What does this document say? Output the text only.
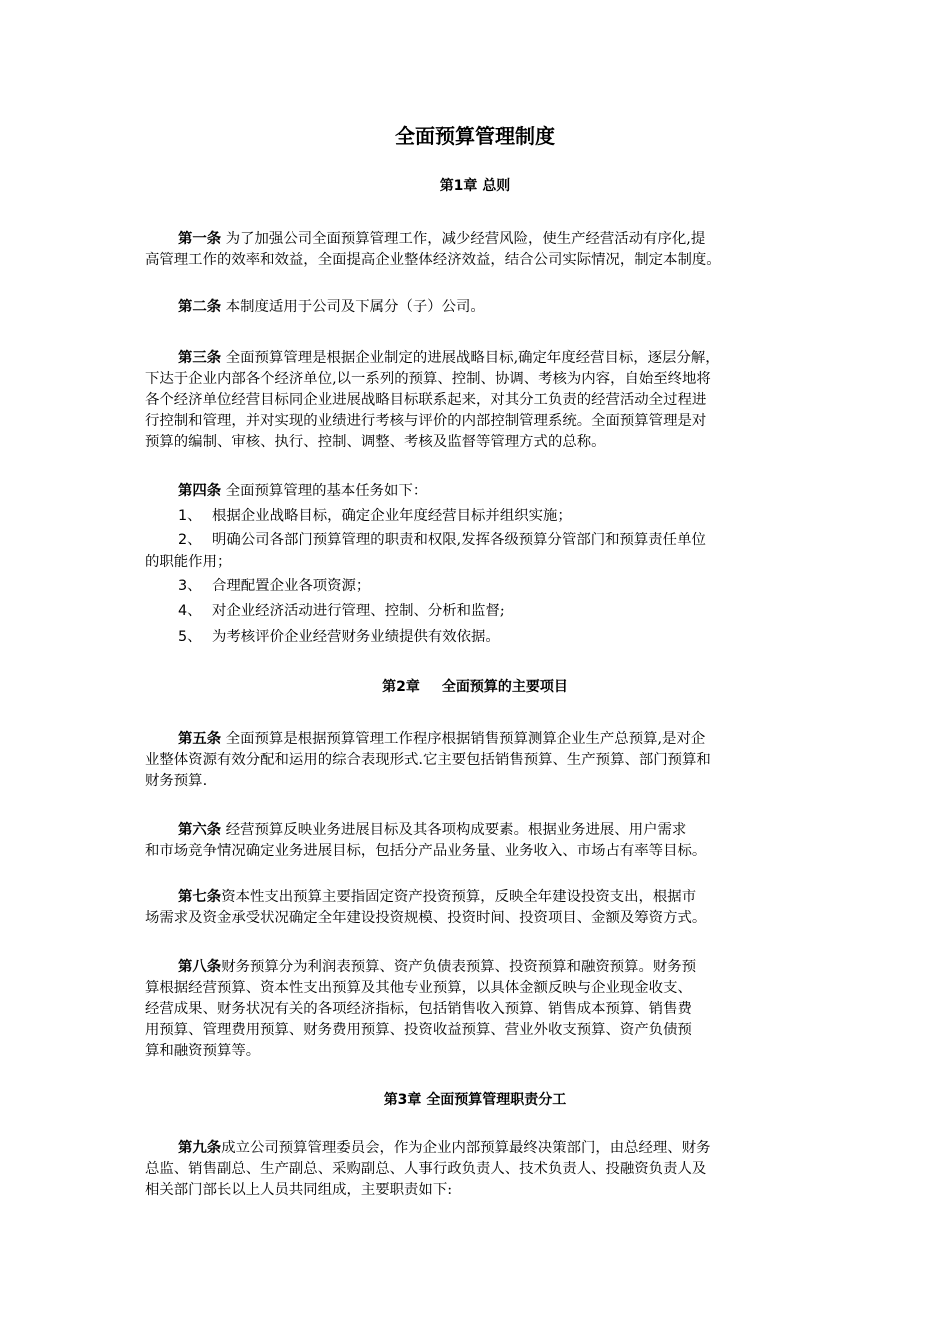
全面预算管理制度
第1章 总则
第一条 为了加强公司全面预算管理工作，减少经营风险，使生产经营活动有序化,提
高管理工作的效率和效益，全面提高企业整体经济效益，结合公司实际情况，制定本制度。
第二条 本制度适用于公司及下属分（子）公司。
第三条 全面预算管理是根据企业制定的进展战略目标,确定年度经营目标，逐层分解，
下达于企业内部各个经济单位,以一系列的预算、控制、协调、考核为内容，自始至终地将
各个经济单位经营目标同企业进展战略目标联系起来，对其分工负责的经营活动全过程进
行控制和管理，并对实现的业绩进行考核与评价的内部控制管理系统。全面预算管理是对
预算的编制、审核、执行、控制、调整、考核及监督等管理方式的总称。
第四条 全面预算管理的基本任务如下：
1、 根据企业战略目标，确定企业年度经营目标并组织实施；
2、 明确公司各部门预算管理的职责和权限,发挥各级预算分管部门和预算责任单位
的职能作用；
3、 合理配置企业各项资源；
4、 对企业经济活动进行管理、控制、分析和监督;
5、 为考核评价企业经营财务业绩提供有效依据。
第2章 全面预算的主要项目
第五条 全面预算是根据预算管理工作程序根据销售预算测算企业生产总预算,是对企
业整体资源有效分配和运用的综合表现形式.它主要包括销售预算、生产预算、部门预算和
财务预算.
第六条 经营预算反映业务进展目标及其各项构成要素。根据业务进展、用户需求
和市场竞争情况确定业务进展目标，包括分产品业务量、业务收入、市场占有率等目标。
第七条资本性支出预算主要指固定资产投资预算，反映全年建设投资支出，根据市
场需求及资金承受状况确定全年建设投资规模、投资时间、投资项目、金额及筹资方式。
第八条财务预算分为利润表预算、资产负债表预算、投资预算和融资预算。财务预
算根据经营预算、资本性支出预算及其他专业预算，以具体金额反映与企业现金收支、
经营成果、财务状况有关的各项经济指标，包括销售收入预算、销售成本预算、销售费
用预算、管理费用预算、财务费用预算、投资收益预算、营业外收支预算、资产负债预
算和融资预算等。
第3章 全面预算管理职责分工
第九条成立公司预算管理委员会，作为企业内部预算最终决策部门，由总经理、财务
总监、销售副总、生产副总、采购副总、人事行政负责人、技术负责人、投融资负责人及
相关部门部长以上人员共同组成，主要职责如下:
